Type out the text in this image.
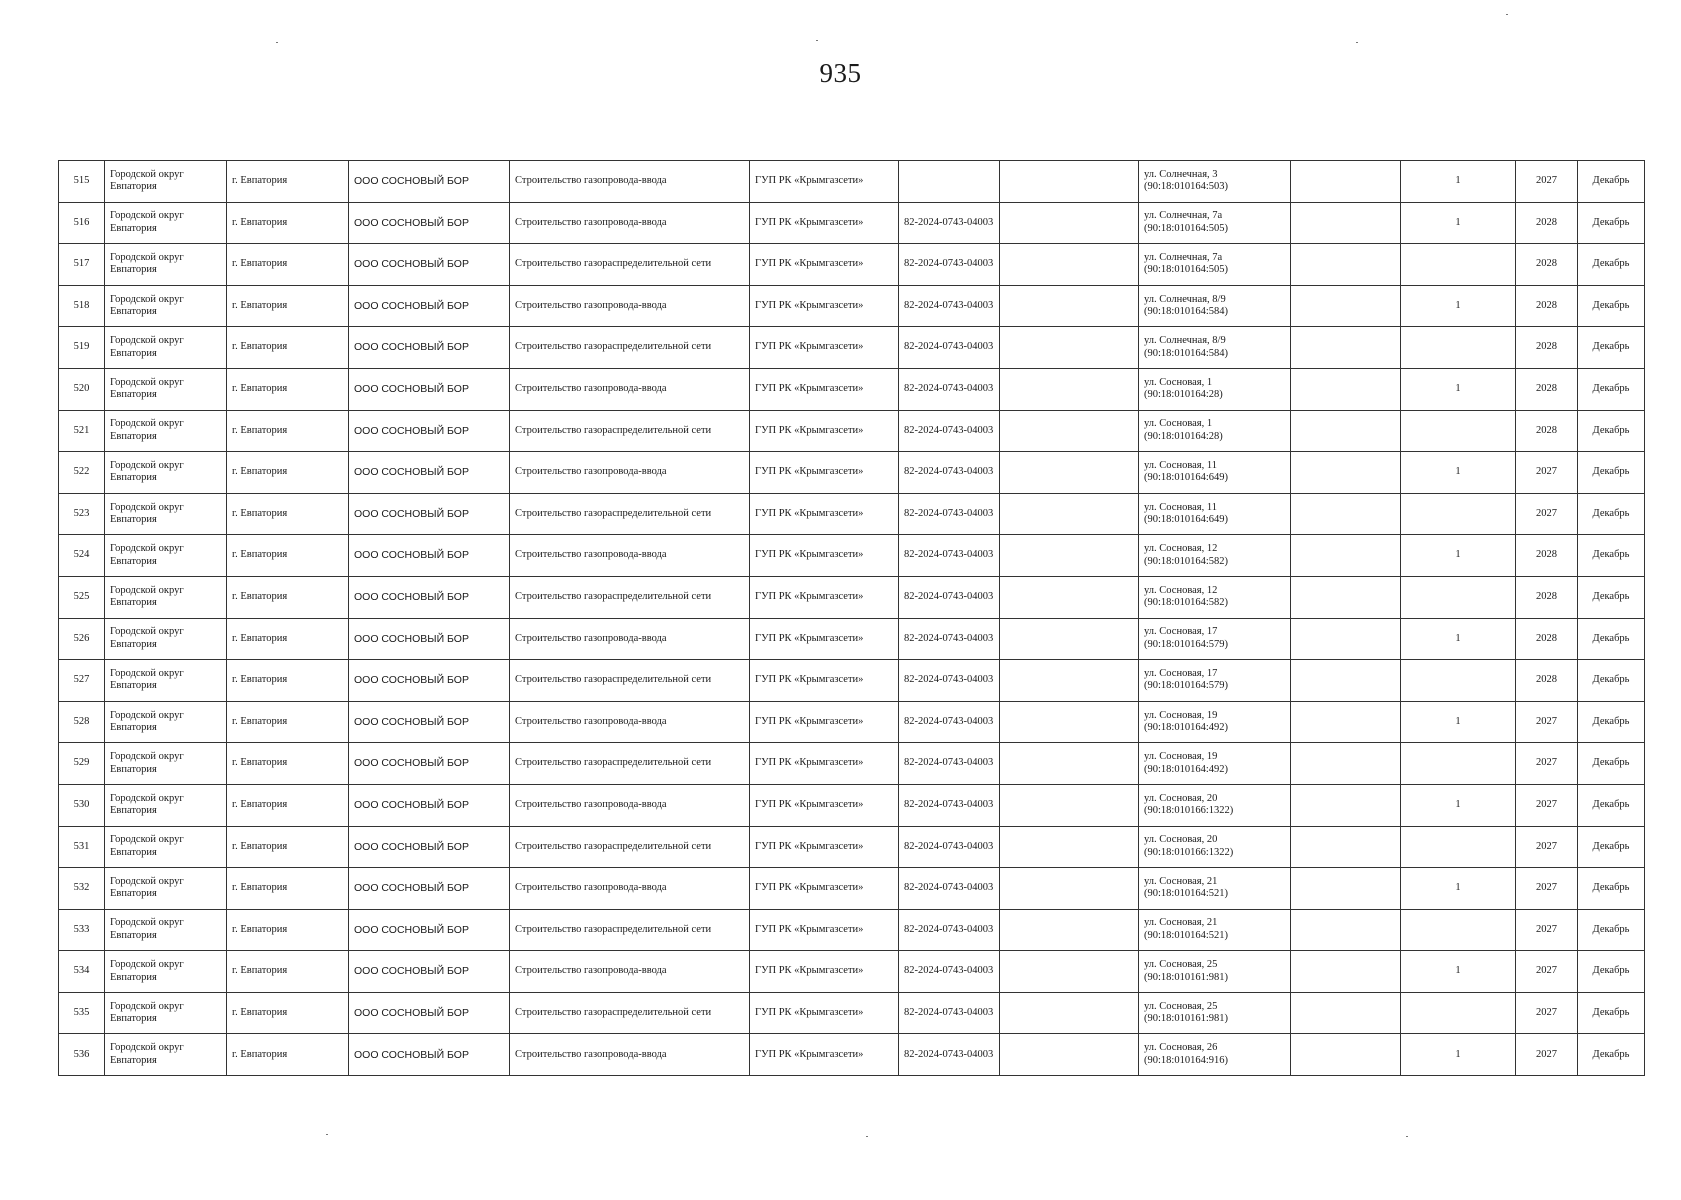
935
515	Городской округ Евпатория	г. Евпатория	ООО СОСНОВЫЙ БОР	Строительство газопровода-ввода	ГУП РК «Крымгазсети»			ул. Солнечная, 3 (90:18:010164:503)		1	2027	Декабрь
516	Городской округ Евпатория	г. Евпатория	ООО СОСНОВЫЙ БОР	Строительство газопровода-ввода	ГУП РК «Крымгазсети»	82-2024-0743-04003		ул. Солнечная, 7а (90:18:010164:505)		1	2028	Декабрь
517	Городской округ Евпатория	г. Евпатория	ООО СОСНОВЫЙ БОР	Строительство газораспределительной сети	ГУП РК «Крымгазсети»	82-2024-0743-04003		ул. Солнечная, 7а (90:18:010164:505)			2028	Декабрь
518	Городской округ Евпатория	г. Евпатория	ООО СОСНОВЫЙ БОР	Строительство газопровода-ввода	ГУП РК «Крымгазсети»	82-2024-0743-04003		ул. Солнечная, 8/9 (90:18:010164:584)		1	2028	Декабрь
519	Городской округ Евпатория	г. Евпатория	ООО СОСНОВЫЙ БОР	Строительство газораспределительной сети	ГУП РК «Крымгазсети»	82-2024-0743-04003		ул. Солнечная, 8/9 (90:18:010164:584)			2028	Декабрь
520	Городской округ Евпатория	г. Евпатория	ООО СОСНОВЫЙ БОР	Строительство газопровода-ввода	ГУП РК «Крымгазсети»	82-2024-0743-04003		ул. Сосновая, 1 (90:18:010164:28)		1	2028	Декабрь
521	Городской округ Евпатория	г. Евпатория	ООО СОСНОВЫЙ БОР	Строительство газораспределительной сети	ГУП РК «Крымгазсети»	82-2024-0743-04003		ул. Сосновая, 1 (90:18:010164:28)			2028	Декабрь
522	Городской округ Евпатория	г. Евпатория	ООО СОСНОВЫЙ БОР	Строительство газопровода-ввода	ГУП РК «Крымгазсети»	82-2024-0743-04003		ул. Сосновая, 11 (90:18:010164:649)		1	2027	Декабрь
523	Городской округ Евпатория	г. Евпатория	ООО СОСНОВЫЙ БОР	Строительство газораспределительной сети	ГУП РК «Крымгазсети»	82-2024-0743-04003		ул. Сосновая, 11 (90:18:010164:649)			2027	Декабрь
524	Городской округ Евпатория	г. Евпатория	ООО СОСНОВЫЙ БОР	Строительство газопровода-ввода	ГУП РК «Крымгазсети»	82-2024-0743-04003		ул. Сосновая, 12 (90:18:010164:582)		1	2028	Декабрь
525	Городской округ Евпатория	г. Евпатория	ООО СОСНОВЫЙ БОР	Строительство газораспределительной сети	ГУП РК «Крымгазсети»	82-2024-0743-04003		ул. Сосновая, 12 (90:18:010164:582)			2028	Декабрь
526	Городской округ Евпатория	г. Евпатория	ООО СОСНОВЫЙ БОР	Строительство газопровода-ввода	ГУП РК «Крымгазсети»	82-2024-0743-04003		ул. Сосновая, 17 (90:18:010164:579)		1	2028	Декабрь
527	Городской округ Евпатория	г. Евпатория	ООО СОСНОВЫЙ БОР	Строительство газораспределительной сети	ГУП РК «Крымгазсети»	82-2024-0743-04003		ул. Сосновая, 17 (90:18:010164:579)			2028	Декабрь
528	Городской округ Евпатория	г. Евпатория	ООО СОСНОВЫЙ БОР	Строительство газопровода-ввода	ГУП РК «Крымгазсети»	82-2024-0743-04003		ул. Сосновая, 19 (90:18:010164:492)		1	2027	Декабрь
529	Городской округ Евпатория	г. Евпатория	ООО СОСНОВЫЙ БОР	Строительство газораспределительной сети	ГУП РК «Крымгазсети»	82-2024-0743-04003		ул. Сосновая, 19 (90:18:010164:492)			2027	Декабрь
530	Городской округ Евпатория	г. Евпатория	ООО СОСНОВЫЙ БОР	Строительство газопровода-ввода	ГУП РК «Крымгазсети»	82-2024-0743-04003		ул. Сосновая, 20 (90:18:010166:1322)		1	2027	Декабрь
531	Городской округ Евпатория	г. Евпатория	ООО СОСНОВЫЙ БОР	Строительство газораспределительной сети	ГУП РК «Крымгазсети»	82-2024-0743-04003		ул. Сосновая, 20 (90:18:010166:1322)			2027	Декабрь
532	Городской округ Евпатория	г. Евпатория	ООО СОСНОВЫЙ БОР	Строительство газопровода-ввода	ГУП РК «Крымгазсети»	82-2024-0743-04003		ул. Сосновая, 21 (90:18:010164:521)		1	2027	Декабрь
533	Городской округ Евпатория	г. Евпатория	ООО СОСНОВЫЙ БОР	Строительство газораспределительной сети	ГУП РК «Крымгазсети»	82-2024-0743-04003		ул. Сосновая, 21 (90:18:010164:521)			2027	Декабрь
534	Городской округ Евпатория	г. Евпатория	ООО СОСНОВЫЙ БОР	Строительство газопровода-ввода	ГУП РК «Крымгазсети»	82-2024-0743-04003		ул. Сосновая, 25 (90:18:010161:981)		1	2027	Декабрь
535	Городской округ Евпатория	г. Евпатория	ООО СОСНОВЫЙ БОР	Строительство газораспределительной сети	ГУП РК «Крымгазсети»	82-2024-0743-04003		ул. Сосновая, 25 (90:18:010161:981)			2027	Декабрь
536	Городской округ Евпатория	г. Евпатория	ООО СОСНОВЫЙ БОР	Строительство газопровода-ввода	ГУП РК «Крымгазсети»	82-2024-0743-04003		ул. Сосновая, 26 (90:18:010164:916)		1	2027	Декабрь
